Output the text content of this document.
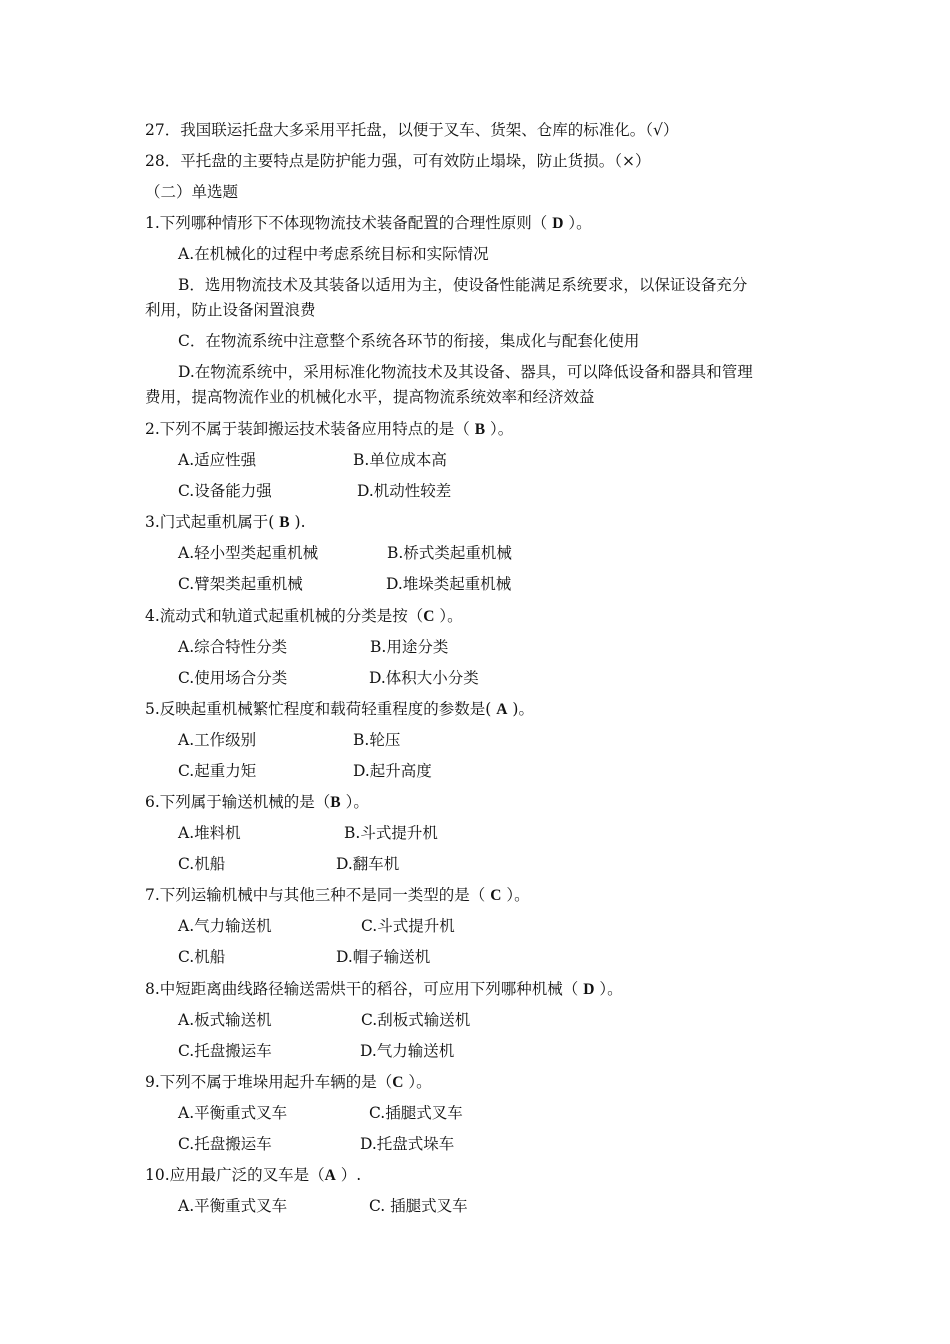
27．我国联运托盘大多采用平托盘，以便于叉车、货架、仓库的标准化。（√）
28．平托盘的主要特点是防护能力强，可有效防止塌垛，防止货损。（×）
（二）单选题
1.下列哪种情形下不体现物流技术装备配置的合理性原则（ D ）。
A.在机械化的过程中考虑系统目标和实际情况
B．选用物流技术及其装备以适用为主，使设备性能满足系统要求，以保证设备充分
利用，防止设备闲置浪费
C．在物流系统中注意整个系统各环节的衔接，集成化与配套化使用
D.在物流系统中，采用标准化物流技术及其设备、器具，可以降低设备和器具和管理
费用，提高物流作业的机械化水平，提高物流系统效率和经济效益
2.下列不属于装卸搬运技术装备应用特点的是（ B ）。
A.适应性强	B.单位成本高
C.设备能力强	D.机动性较差
3.门式起重机属于( B ).
A.轻小型类起重机械	B.桥式类起重机械
C.臂架类起重机械	D.堆垛类起重机械
4.流动式和轨道式起重机械的分类是按（C ）。
A.综合特性分类	B.用途分类
C.使用场合分类	D.体积大小分类
5.反映起重机械繁忙程度和载荷轻重程度的参数是( A )。
A.工作级别	B.轮压
C.起重力矩	D.起升高度
6.下列属于输送机械的是（B ）。
A.堆料机	B.斗式提升机
C.机船	D.翻车机
7.下列运输机械中与其他三种不是同一类型的是（ C ）。
A.气力输送机	C.斗式提升机
C.机船	D.帽子输送机
8.中短距离曲线路径输送需烘干的稻谷，可应用下列哪种机械（ D ）。
A.板式输送机	C.刮板式输送机
C.托盘搬运车	D.气力输送机
9.下列不属于堆垛用起升车辆的是（C ）。
A.平衡重式叉车	C.插腿式叉车
C.托盘搬运车	D.托盘式垛车
10.应用最广泛的叉车是（A ）.
A.平衡重式叉车	C. 插腿式叉车
